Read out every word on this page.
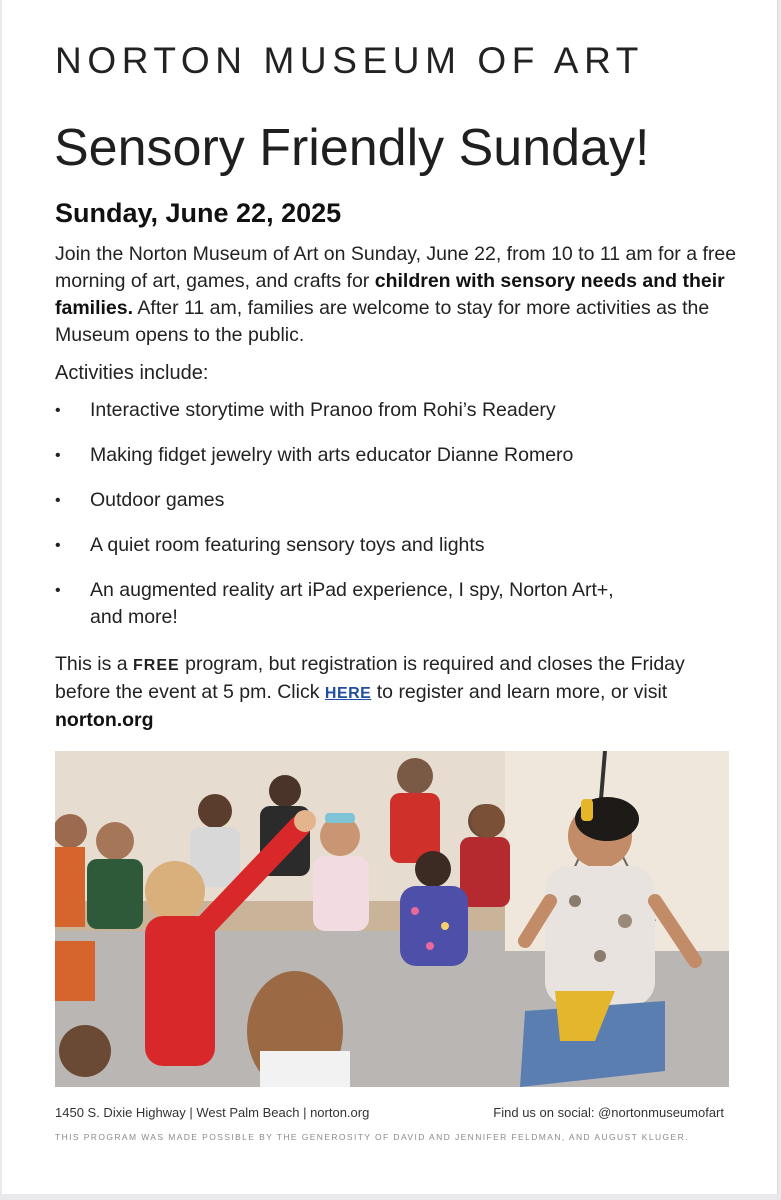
NORTON MUSEUM OF ART
Sensory Friendly Sunday!
Sunday, June 22, 2025
Join the Norton Museum of Art on Sunday, June 22, from 10 to 11 am for a free morning of art, games, and crafts for children with sensory needs and their families. After 11 am, families are welcome to stay for more activities as the Museum opens to the public.
Activities include:
• Interactive storytime with Pranoo from Rohi’s Readery
• Making fidget jewelry with arts educator Dianne Romero
• Outdoor games
• A quiet room featuring sensory toys and lights
• An augmented reality art iPad experience, I spy, Norton Art+, and more!
This is a FREE program, but registration is required and closes the Friday before the event at 5 pm. Click HERE to register and learn more, or visit norton.org
1450 S. Dixie Highway | West Palm Beach | norton.org	Find us on social: @nortonmuseumofart
THIS PROGRAM WAS MADE POSSIBLE BY THE GENEROSITY OF DAVID AND JENNIFER FELDMAN, AND AUGUST KLUGER.
